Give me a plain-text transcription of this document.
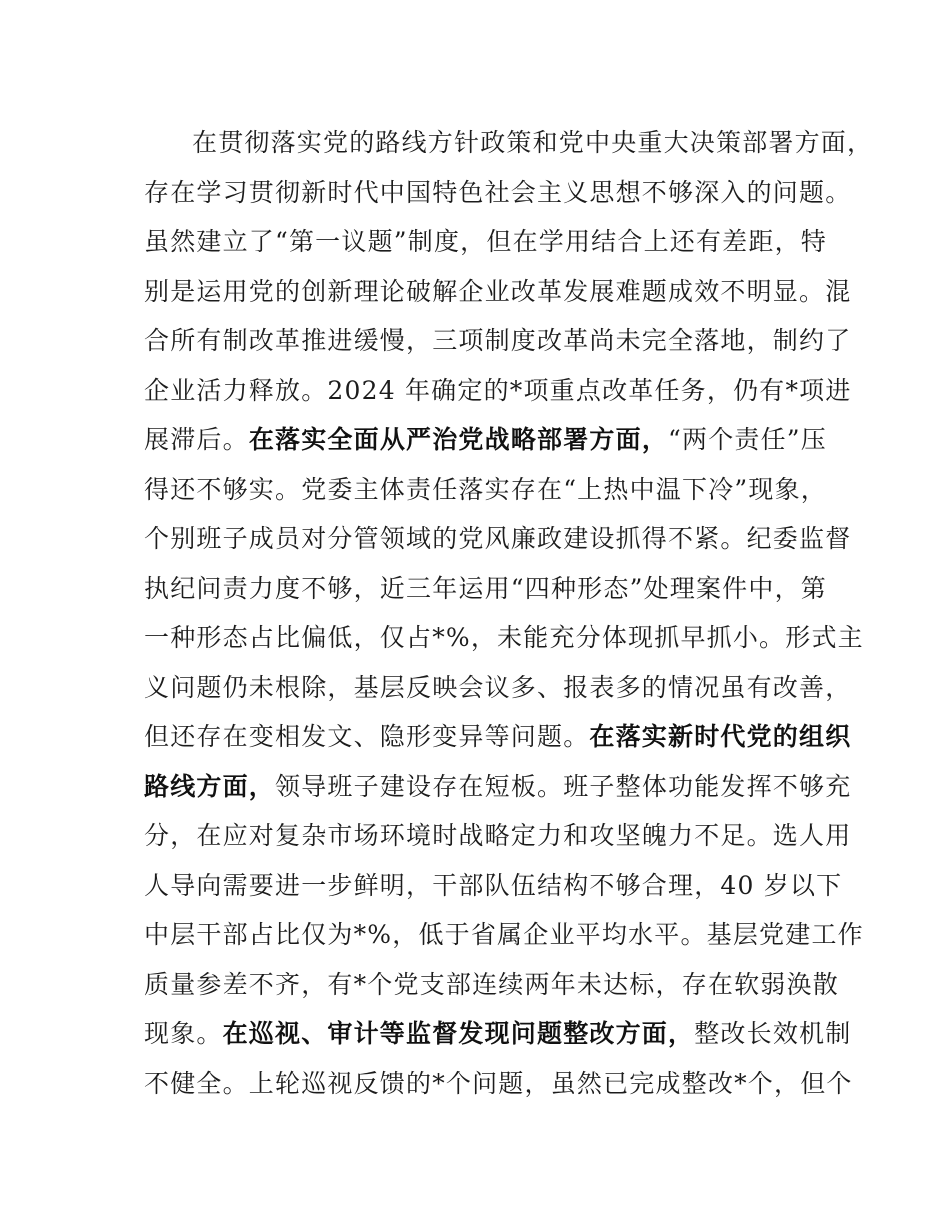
在贯彻落实党的路线方针政策和党中央重大决策部署方面，
存在学习贯彻新时代中国特色社会主义思想不够深入的问题。
虽然建立了“第一议题”制度，但在学用结合上还有差距，特
别是运用党的创新理论破解企业改革发展难题成效不明显。混
合所有制改革推进缓慢，三项制度改革尚未完全落地，制约了
企业活力释放。2024 年确定的*项重点改革任务，仍有*项进
展滞后。在落实全面从严治党战略部署方面，“两个责任”压
得还不够实。党委主体责任落实存在“上热中温下冷”现象，
个别班子成员对分管领域的党风廉政建设抓得不紧。纪委监督
执纪问责力度不够，近三年运用“四种形态”处理案件中，第
一种形态占比偏低，仅占*%，未能充分体现抓早抓小。形式主
义问题仍未根除，基层反映会议多、报表多的情况虽有改善，
但还存在变相发文、隐形变异等问题。在落实新时代党的组织
路线方面，领导班子建设存在短板。班子整体功能发挥不够充
分，在应对复杂市场环境时战略定力和攻坚魄力不足。选人用
人导向需要进一步鲜明，干部队伍结构不够合理，40 岁以下
中层干部占比仅为*%，低于省属企业平均水平。基层党建工作
质量参差不齐，有*个党支部连续两年未达标，存在软弱涣散
现象。在巡视、审计等监督发现问题整改方面，整改长效机制
不健全。上轮巡视反馈的*个问题，虽然已完成整改*个，但个
